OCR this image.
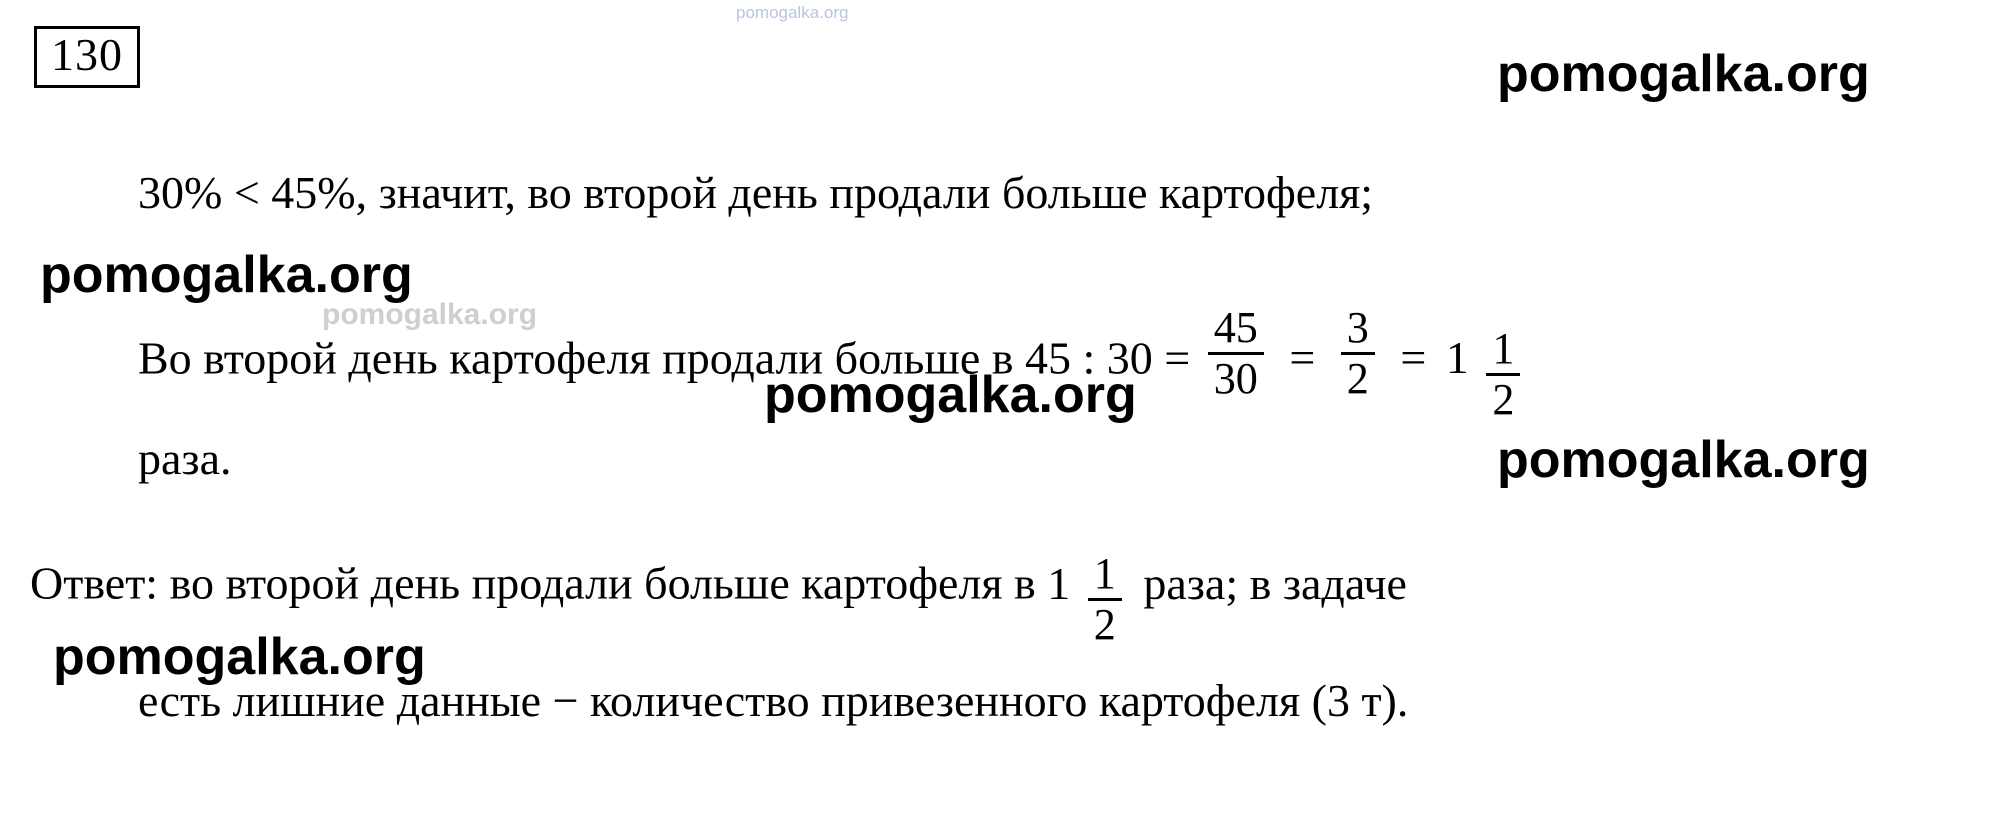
pomogalka.org
130	pomogalka.org
30% < 45%, значит, во второй день продали больше картофеля;
pomogalka.org
Во второй день картофеля продали больше в 45 : $30 = \frac{45}{30} = \frac{3}{2} = 1 \frac{1}{2}$
pomogalka.org
pomogalka.org
раза.	pomogalka.org
Ответ: во второй день продали больше картофеля в $1 \frac{1}{2}$ раза; в задаче
pomogalka.org
есть лишние данные − количество привезенного картофеля (3 т).
